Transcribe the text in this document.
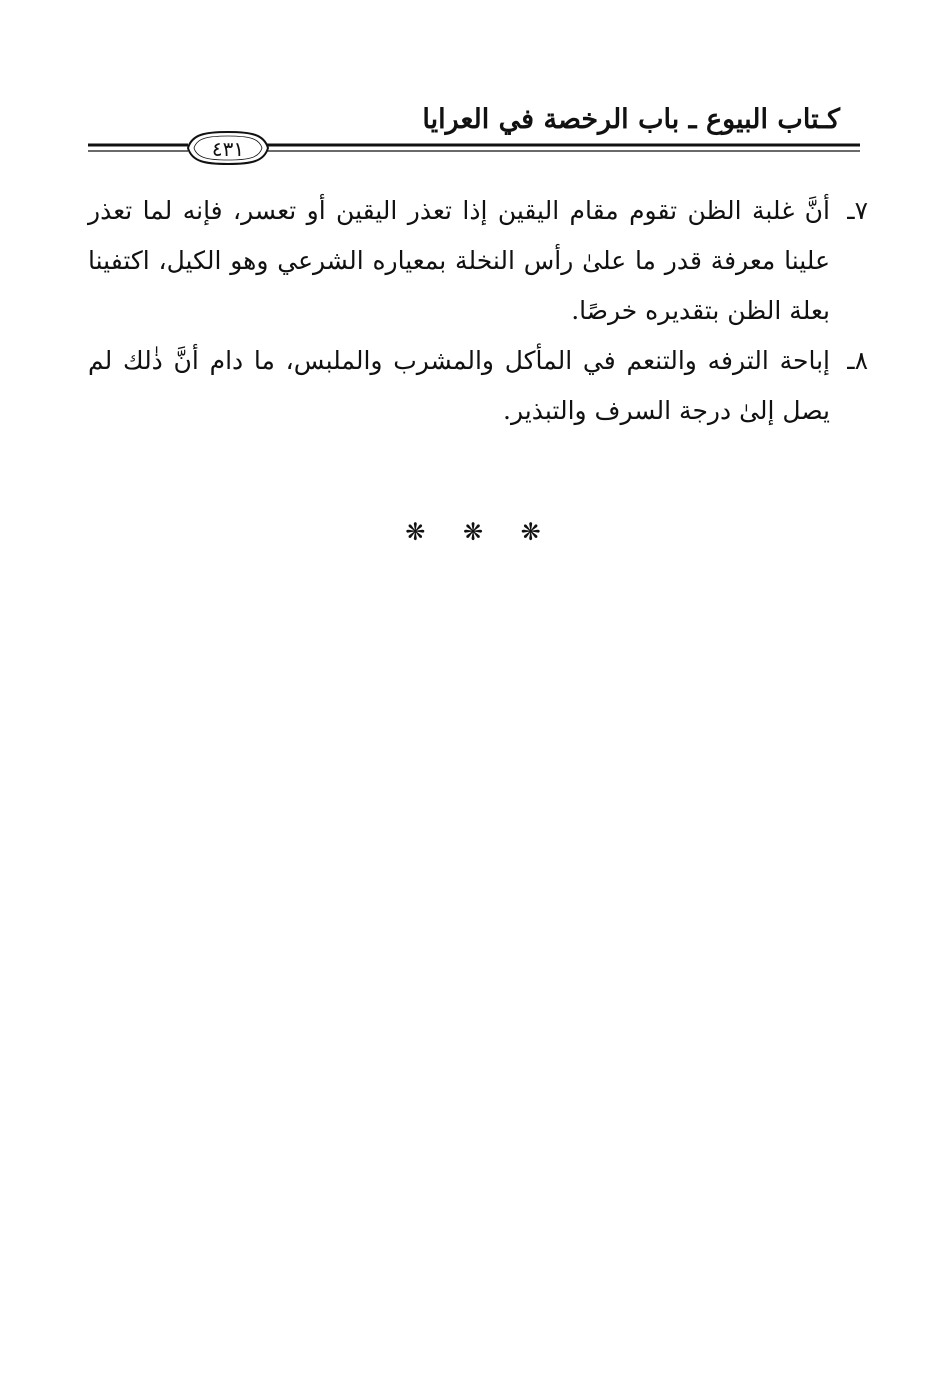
كـتاب البيوع ـ باب الرخصة في العرايا
٤٣١
٧ـ
أنَّ غلبة الظن تقوم مقام اليقين إذا تعذر اليقين أو تعسر، فإنه لما تعذر علينا معرفة قدر ما علىٰ رأس النخلة بمعياره الشرعي وهو الكيل، اكتفينا بعلة الظن بتقديره خرصًا.
٨ـ
إباحة الترفه والتنعم في المأكل والمشرب والملبس، ما دام أنَّ ذٰلك لم يصل إلىٰ درجة السرف والتبذير.
❋ ❋ ❋
